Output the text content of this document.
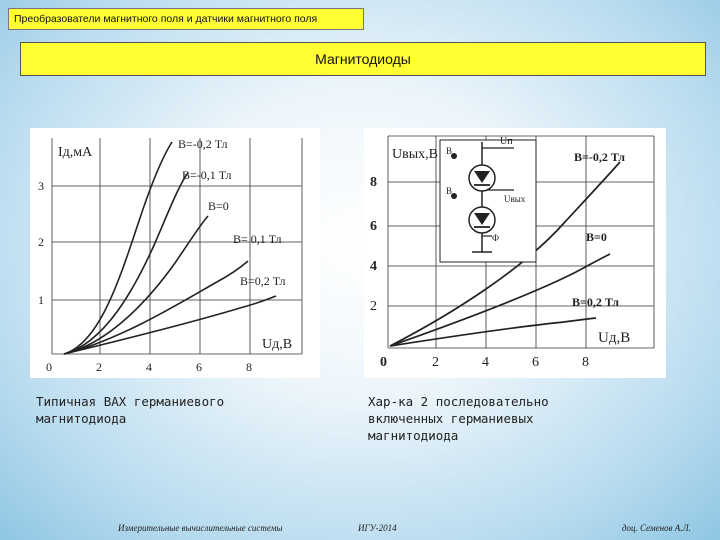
Преобразователи магнитного поля и датчики магнитного поля
Магнитодиоды
Iд,мА
B=-0,2 Тл
B=-0,1 Тл
B=0
B= 0,1 Тл
B=0,2 Тл
Uд,В
1
2
3
0	2	4	6	8
В
В
Uп
Uвых
Ф
Uвых,В	B=-0,2 Тл
B=0
B=0,2 Тл
Uд,В
2
4
6
8
0	2	4	6	8
Типичная ВАХ германиевого магнитодиода
Хар-ка 2 последовательно включенных германиевых магнитодиода
Измерительные вычислительные системы	ИГУ-2014	доц. Семенов А.Л.
